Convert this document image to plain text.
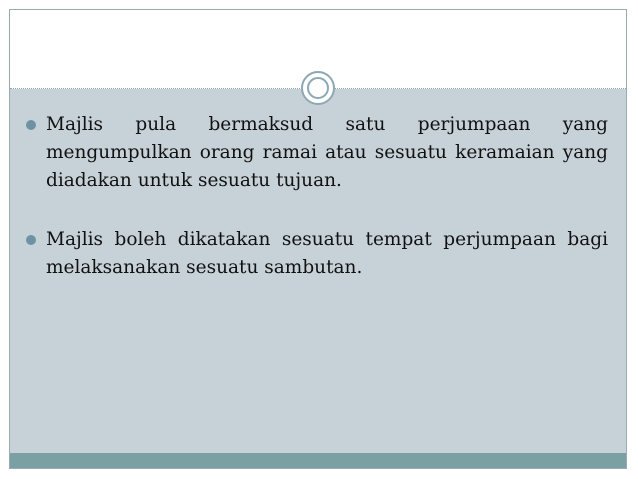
Majlis pula bermaksud satu perjumpaan yang mengumpulkan orang ramai atau sesuatu keramaian yang diadakan untuk sesuatu tujuan.

Majlis boleh dikatakan sesuatu tempat perjumpaan bagi melaksanakan sesuatu sambutan.
